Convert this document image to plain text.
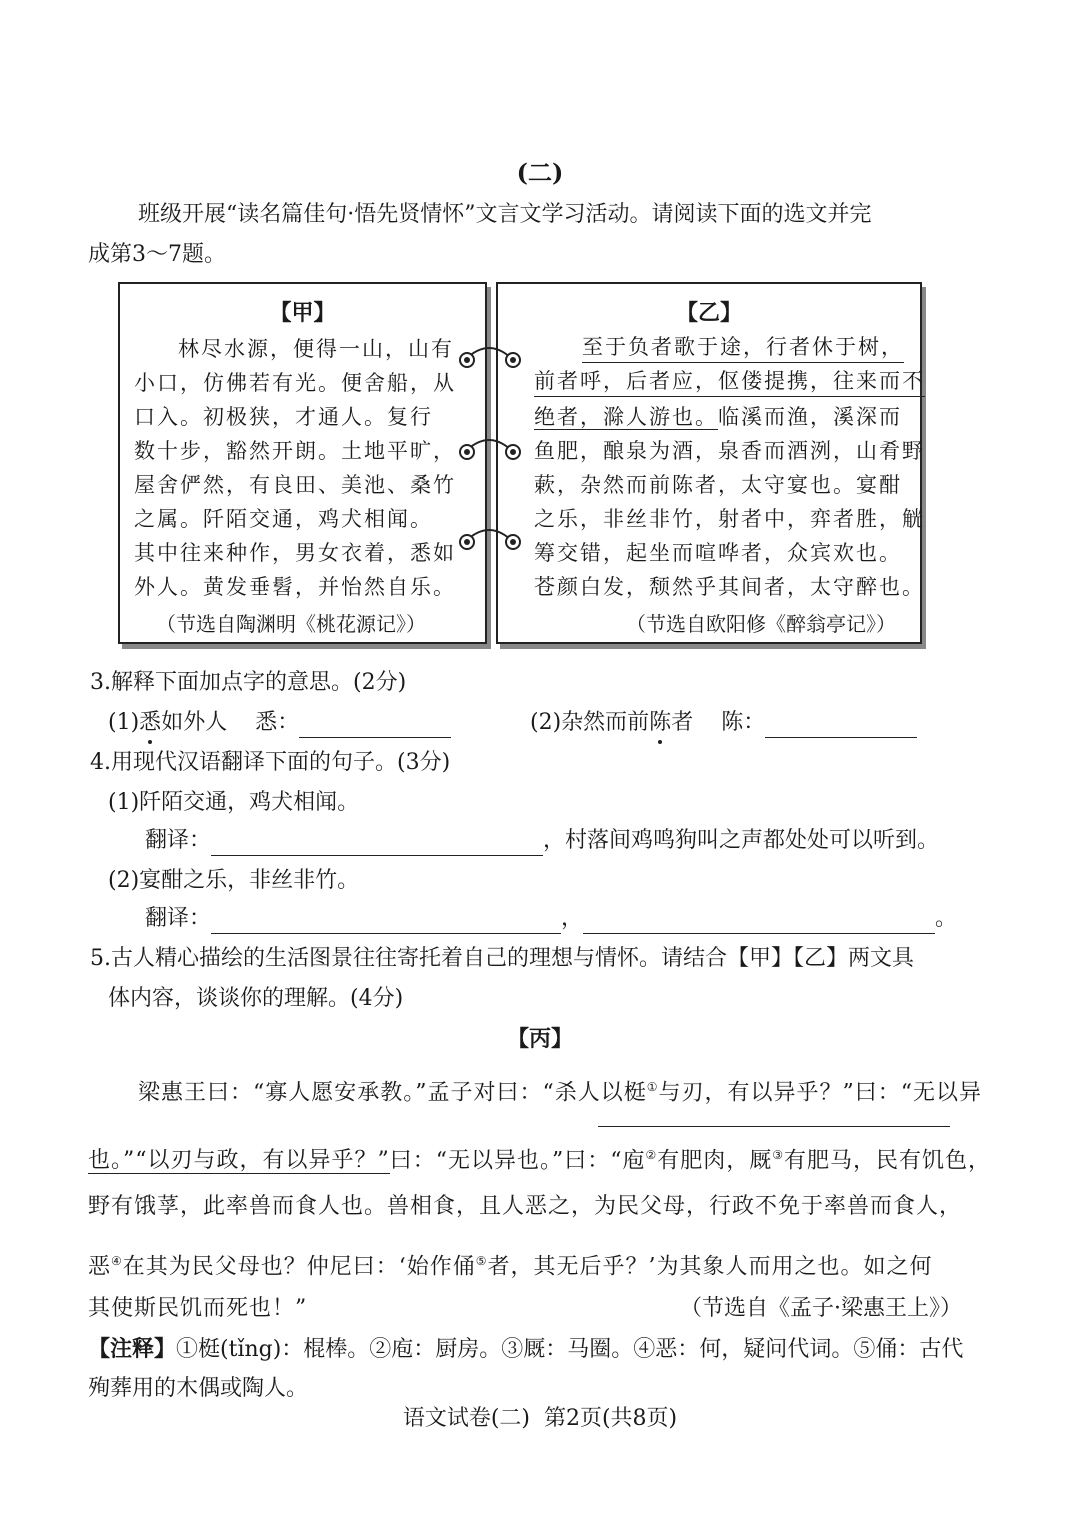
(二)
班级开展“读名篇佳句·悟先贤情怀”文言文学习活动。请阅读下面的选文并完
成第3～7题。
【甲】
林尽水源，便得一山，山有
小口，仿佛若有光。便舍船，从
口入。初极狭，才通人。复行
数十步，豁然开朗。土地平旷，
屋舍俨然，有良田、美池、桑竹
之属。阡陌交通，鸡犬相闻。
其中往来种作，男女衣着，悉如
外人。黄发垂髫，并怡然自乐。
（节选自陶渊明《桃花源记》）
【乙】
至于负者歌于途，行者休于树，
前者呼，后者应，伛偻提携，往来而不
绝者，滁人游也。临溪而渔，溪深而
鱼肥，酿泉为酒，泉香而酒洌，山肴野
蔌，杂然而前陈者，太守宴也。宴酣
之乐，非丝非竹，射者中，弈者胜，觥
筹交错，起坐而喧哗者，众宾欢也。
苍颜白发，颓然乎其间者，太守醉也。
（节选自欧阳修《醉翁亭记》）
3.解释下面加点字的意思。(2分)
(1)悉如外人 悉：	(2)杂然而前陈者 陈：
4.用现代汉语翻译下面的句子。(3分)
(1)阡陌交通，鸡犬相闻。
翻译：	，村落间鸡鸣狗叫之声都处处可以听到。
(2)宴酣之乐，非丝非竹。
翻译：	，	。
5.古人精心描绘的生活图景往往寄托着自己的理想与情怀。请结合【甲】【乙】两文具
体内容，谈谈你的理解。(4分)
【丙】
梁惠王曰：“寡人愿安承教。”孟子对曰：“杀人以梃①与刃，有以异乎？”曰：“无以异
也。”“以刃与政，有以异乎？”曰：“无以异也。”曰：“庖②有肥肉，厩③有肥马，民有饥色，
野有饿莩，此率兽而食人也。兽相食，且人恶之，为民父母，行政不免于率兽而食人，
恶④在其为民父母也？仲尼曰：‘始作俑⑤者，其无后乎？’为其象人而用之也。如之何
其使斯民饥而死也！”	（节选自《孟子·梁惠王上》）
【注释】①梃(tǐng)：棍棒。②庖：厨房。③厩：马圈。④恶：何，疑问代词。⑤俑：古代
殉葬用的木偶或陶人。
语文试卷(二)  第2页(共8页)
